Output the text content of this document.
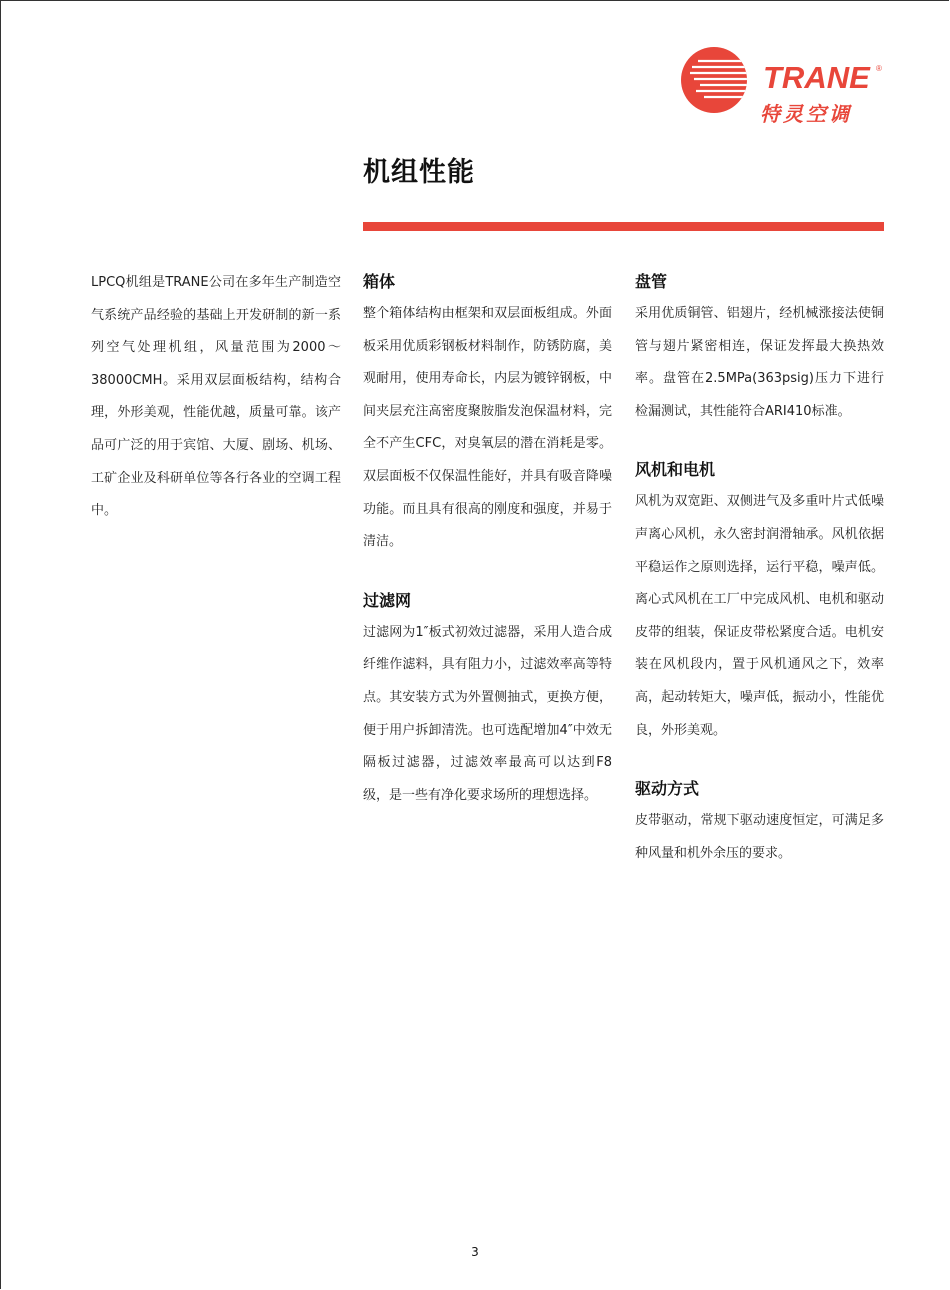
TRANE ®
特灵空调
机组性能

LPCQ机组是TRANE公司在多年生产制造空气系统产品经验的基础上开发研制的新一系列空气处理机组，风量范围为2000～38000CMH。采用双层面板结构，结构合理，外形美观，性能优越，质量可靠。该产品可广泛的用于宾馆、大厦、剧场、机场、工矿企业及科研单位等各行各业的空调工程中。

箱体

整个箱体结构由框架和双层面板组成。外面板采用优质彩钢板材料制作，防锈防腐，美观耐用，使用寿命长，内层为镀锌钢板，中间夹层充注高密度聚胺脂发泡保温材料，完全不产生CFC，对臭氧层的潜在消耗是零。双层面板不仅保温性能好，并具有吸音降噪功能。而且具有很高的刚度和强度，并易于清洁。

过滤网

过滤网为1″板式初效过滤器，采用人造合成纤维作滤料，具有阻力小，过滤效率高等特点。其安装方式为外置侧抽式，更换方便，便于用户拆卸清洗。也可选配增加4″中效无隔板过滤器，过滤效率最高可以达到F8级，是一些有净化要求场所的理想选择。

盘管

采用优质铜管、铝翅片，经机械涨接法使铜管与翅片紧密相连，保证发挥最大换热效率。盘管在2.5MPa(363psig)压力下进行检漏测试，其性能符合ARI410标准。

风机和电机

风机为双宽距、双侧进气及多重叶片式低噪声离心风机，永久密封润滑轴承。风机依据平稳运作之原则选择，运行平稳，噪声低。离心式风机在工厂中完成风机、电机和驱动皮带的组装，保证皮带松紧度合适。电机安装在风机段内，置于风机通风之下，效率高，起动转矩大，噪声低，振动小，性能优良，外形美观。

驱动方式

皮带驱动，常规下驱动速度恒定，可满足多种风量和机外余压的要求。

3
